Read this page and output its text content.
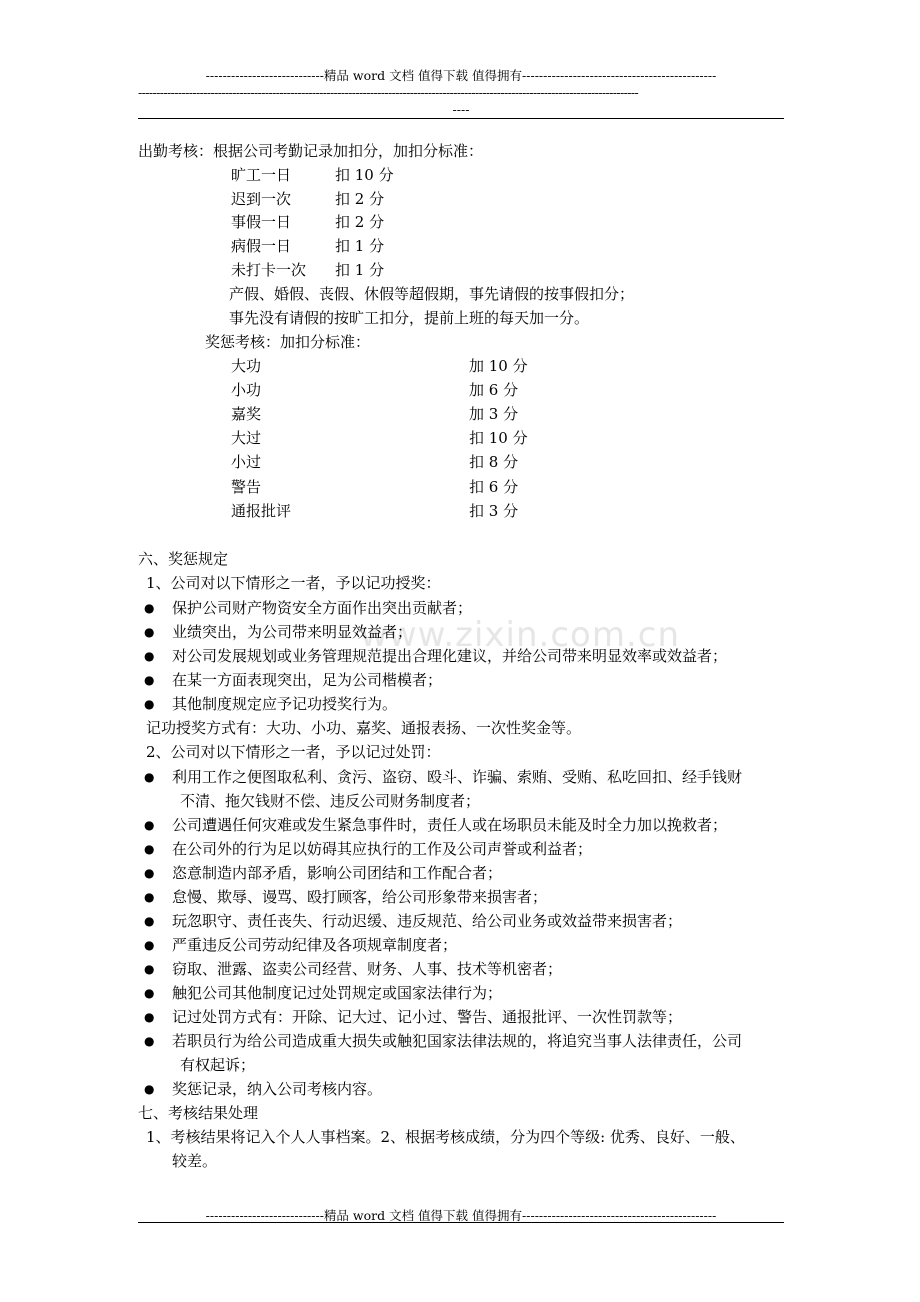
----------------------------精品 word 文档 值得下载 值得拥有----------------------------------------------
------------------------------------------------------------------------------------------------------------------------------------------
----
www.zixin.com.cn
出勤考核：根据公司考勤记录加扣分，加扣分标准：
旷工一日	扣 10 分
迟到一次	扣 2 分
事假一日	扣 2 分
病假一日	扣 1 分
未打卡一次 扣 1 分
产假、婚假、丧假、休假等超假期，事先请假的按事假扣分；
事先没有请假的按旷工扣分，提前上班的每天加一分。
奖惩考核：加扣分标准：
大功	加 10 分
小功	加 6 分
嘉奖	加 3 分
大过	扣 10 分
小过	扣 8 分
警告	扣 6 分
通报批评	扣 3 分
六、奖惩规定
1、公司对以下情形之一者，予以记功授奖：
● 保护公司财产物资安全方面作出突出贡献者；
● 业绩突出，为公司带来明显效益者；
● 对公司发展规划或业务管理规范提出合理化建议，并给公司带来明显效率或效益者；
● 在某一方面表现突出，足为公司楷模者；
● 其他制度规定应予记功授奖行为。
记功授奖方式有：大功、小功、嘉奖、通报表扬、一次性奖金等。
2、公司对以下情形之一者，予以记过处罚：
● 利用工作之便图取私利、贪污、盗窃、殴斗、诈骗、索贿、受贿、私吃回扣、经手钱财
不清、拖欠钱财不偿、违反公司财务制度者；
● 公司遭遇任何灾难或发生紧急事件时，责任人或在场职员未能及时全力加以挽救者；
● 在公司外的行为足以妨碍其应执行的工作及公司声誉或利益者；
● 恣意制造内部矛盾，影响公司团结和工作配合者；
● 怠慢、欺辱、谩骂、殴打顾客，给公司形象带来损害者；
● 玩忽职守、责任丧失、行动迟缓、违反规范、给公司业务或效益带来损害者；
● 严重违反公司劳动纪律及各项规章制度者；
● 窃取、泄露、盗卖公司经营、财务、人事、技术等机密者；
● 触犯公司其他制度记过处罚规定或国家法律行为；
● 记过处罚方式有：开除、记大过、记小过、警告、通报批评、一次性罚款等；
● 若职员行为给公司造成重大损失或触犯国家法律法规的，将追究当事人法律责任，公司
有权起诉；
● 奖惩记录，纳入公司考核内容。
七、考核结果处理
1、考核结果将记入个人人事档案。2、根据考核成绩，分为四个等级: 优秀、良好、一般、
较差。
----------------------------精品 word 文档 值得下载 值得拥有----------------------------------------------
